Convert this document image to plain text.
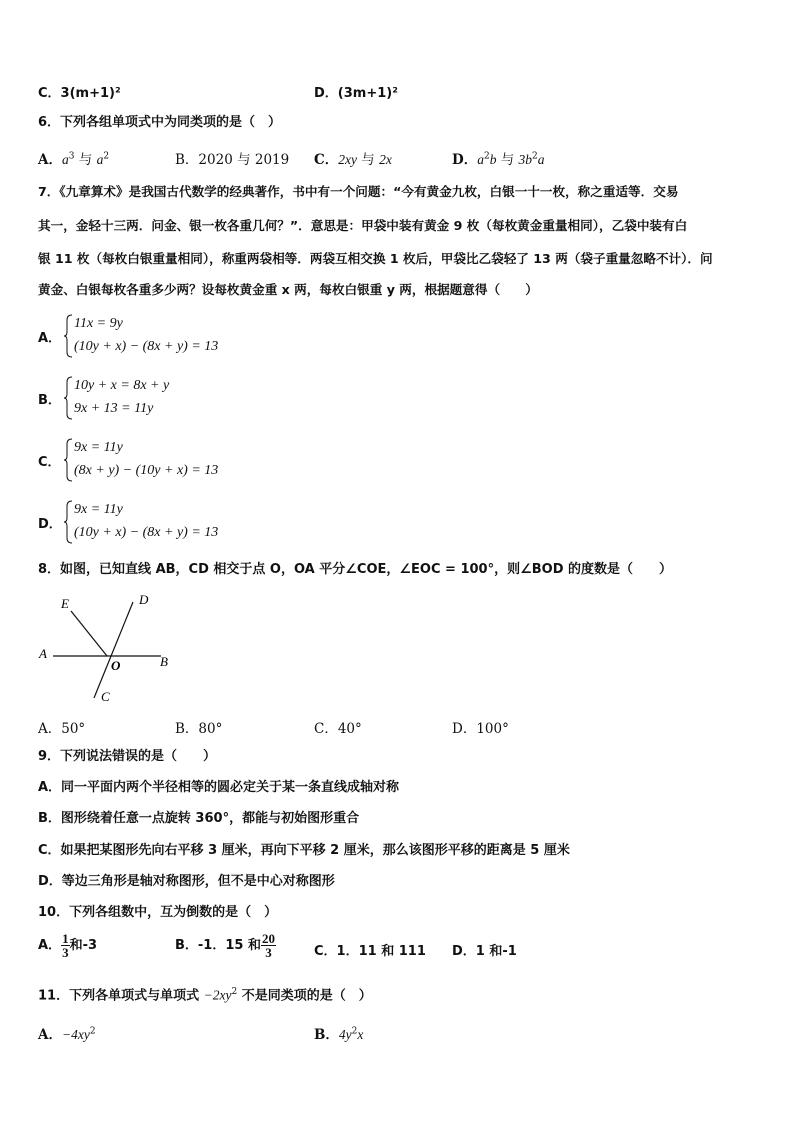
C．3(m+1)²	D．(3m+1)²
6．下列各组单项式中为同类项的是（　）
A．$a^3$ 与 $a^2$	B．2020 与 2019 C．2xy 与 2x	D．$a^2b$ 与 $3b^2a$
7．《九章算术》是我国古代数学的经典著作，书中有一个问题：“今有黄金九枚，白银一十一枚，称之重适等．交易
其一，金轻十三两．问金、银一枚各重几何？”．意思是：甲袋中装有黄金 9 枚（每枚黄金重量相同），乙袋中装有白
银 11 枚（每枚白银重量相同），称重两袋相等．两袋互相交换 1 枚后，甲袋比乙袋轻了 13 两（袋子重量忽略不计）．问
黄金、白银每枚各重多少两？设每枚黄金重 x 两，每枚白银重 y 两，根据题意得（　　）
A．
11x = 9y
(10y + x) − (8x + y) = 13
B．
10y + x = 8x + y
9x + 13 = 11y
C．
9x = 11y
(8x + y) − (10y + x) = 13
D．
9x = 11y
(10y + x) − (8x + y) = 13
8．如图，已知直线 AB，CD 相交于点 O，OA 平分∠COE，∠EOC = 100°，则∠BOD 的度数是（　　）
E	D
A
O	B
C
A．50°	B．80°	C．40°	D．100°
9．下列说法错误的是（　　）
A．同一平面内两个半径相等的圆必定关于某一条直线成轴对称
B．图形绕着任意一点旋转 360°，都能与初始图形重合
C．如果把某图形先向右平移 3 厘米，再向下平移 2 厘米，那么该图形平移的距离是 5 厘米
D．等边三角形是轴对称图形，但不是中心对称图形
10．下列各组数中，互为倒数的是（　）
A． $\frac{1}{3}$ 和-3	B．-1．15 和 $\frac{20}{3}$	C．1．11 和 111 D．1 和-1
11．下列各单项式与单项式 $-2xy^2$ 不是同类项的是（　）
A．$-4xy^2$	B．$4y^2x$
